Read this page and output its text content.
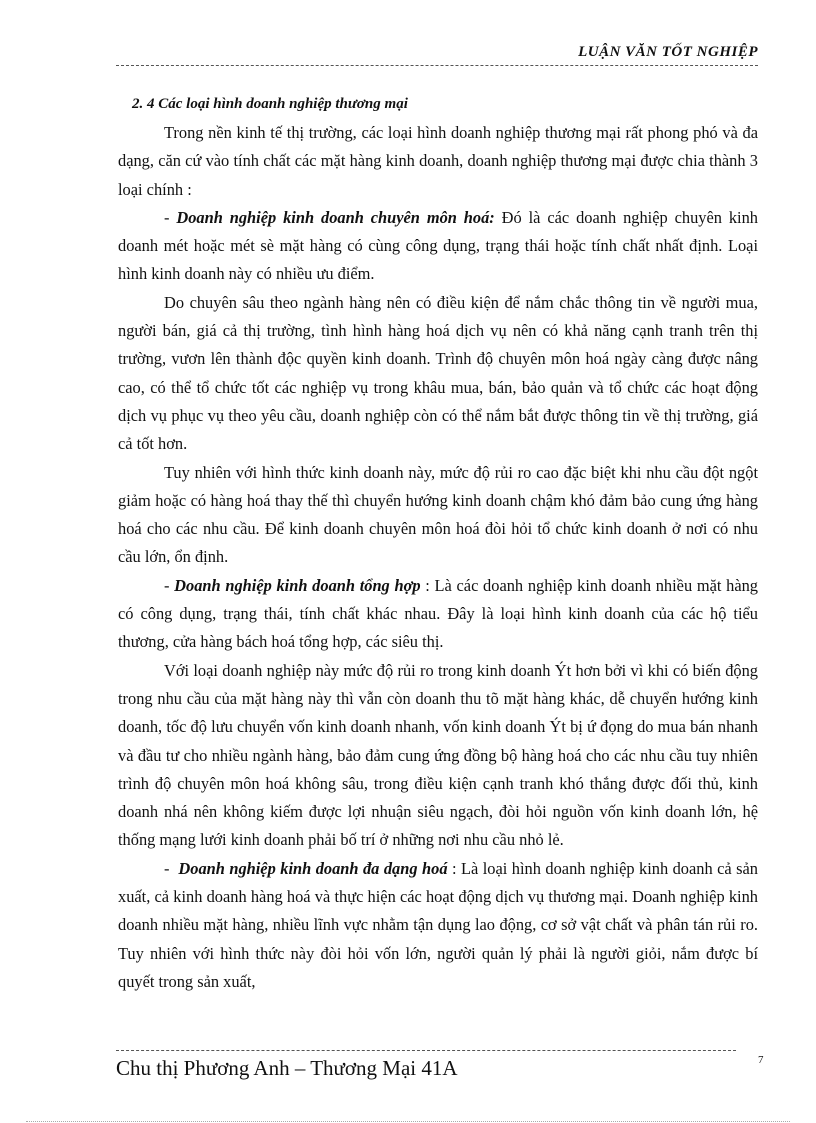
LUẬN VĂN TỐT NGHIỆP
2. 4 Các loại hình doanh nghiệp thương mại

Trong nền kinh tế thị trường, các loại hình doanh nghiệp thương mại rất phong phó và đa dạng, căn cứ vào tính chất các mặt hàng kinh doanh, doanh nghiệp thương mại được chia thành 3 loại chính :

- Doanh nghiệp kinh doanh chuyên môn hoá: Đó là các doanh nghiệp chuyên kinh doanh mét hoặc mét sè mặt hàng có cùng công dụng, trạng thái hoặc tính chất nhất định. Loại hình kinh doanh này có nhiều ưu điểm.

Do chuyên sâu theo ngành hàng nên có điều kiện để nắm chắc thông tin về người mua, người bán, giá cả thị trường, tình hình hàng hoá dịch vụ nên có khả năng cạnh tranh trên thị trường, vươn lên thành độc quyền kinh doanh. Trình độ chuyên môn hoá ngày càng được nâng cao, có thể tổ chức tốt các nghiệp vụ trong khâu mua, bán, bảo quản và tổ chức các hoạt động dịch vụ phục vụ theo yêu cầu, doanh nghiệp còn có thể nắm bắt được thông tin về thị trường, giá cả tốt hơn.

Tuy nhiên với hình thức kinh doanh này, mức độ rủi ro cao đặc biệt khi nhu cầu đột ngột giảm hoặc có hàng hoá thay thế thì chuyển hướng kinh doanh chậm khó đảm bảo cung ứng hàng hoá cho các nhu cầu. Để kinh doanh chuyên môn hoá đòi hỏi tổ chức kinh doanh ở nơi có nhu cầu lớn, ổn định.

- Doanh nghiệp kinh doanh tổng hợp : Là các doanh nghiệp kinh doanh nhiều mặt hàng có công dụng, trạng thái, tính chất khác nhau. Đây là loại hình kinh doanh của các hộ tiểu thương, cửa hàng bách hoá tổng hợp, các siêu thị.

Với loại doanh nghiệp này mức độ rủi ro trong kinh doanh Ýt hơn bởi vì khi có biến động trong nhu cầu của mặt hàng này thì vẫn còn doanh thu tõ mặt hàng khác, dễ chuyển hướng kinh doanh, tốc độ lưu chuyển vốn kinh doanh nhanh, vốn kinh doanh Ýt bị ứ đọng do mua bán nhanh và đầu tư cho nhiều ngành hàng, bảo đảm cung ứng đồng bộ hàng hoá cho các nhu cầu tuy nhiên trình độ chuyên môn hoá không sâu, trong điều kiện cạnh tranh khó thắng được đối thủ, kinh doanh nhá nên không kiếm được lợi nhuận siêu ngạch, đòi hỏi nguồn vốn kinh doanh lớn, hệ thống mạng lưới kinh doanh phải bố trí ở những nơi nhu cầu nhỏ lẻ.

-  Doanh nghiệp kinh doanh đa dạng hoá : Là loại hình doanh nghiệp kinh doanh cả sản xuất, cả kinh doanh hàng hoá và thực hiện các hoạt động dịch vụ thương mại. Doanh nghiệp kinh doanh nhiều mặt hàng, nhiều lĩnh vực nhằm tận dụng lao động, cơ sở vật chất và phân tán rủi ro. Tuy nhiên với hình thức này đòi hỏi vốn lớn, người quản lý phải là người giỏi, nắm được bí quyết trong sản xuất,

Chu thị Phương Anh – Thương Mại 41A	7
